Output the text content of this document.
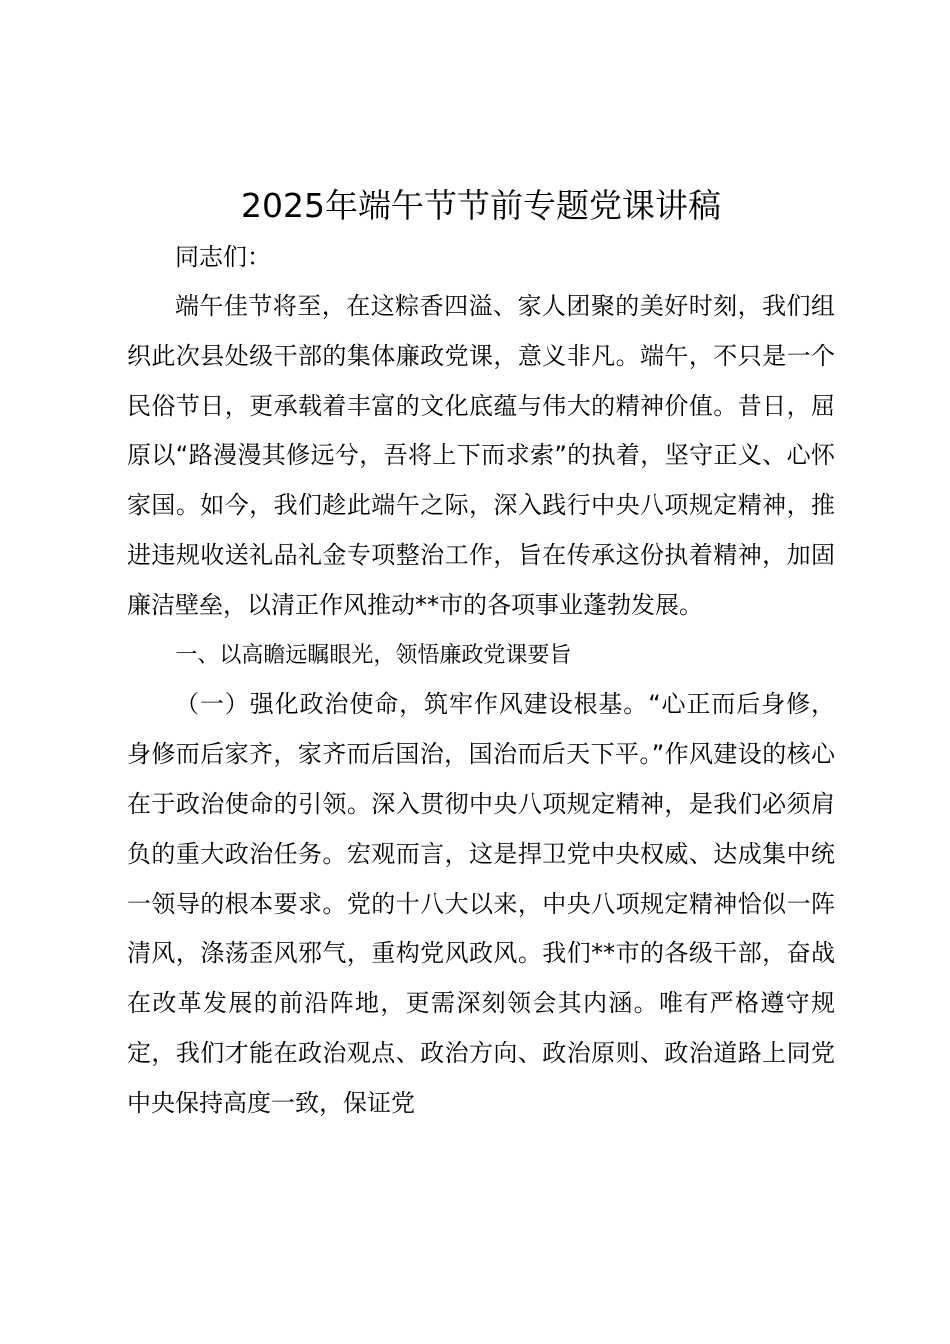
2025年端午节节前专题党课讲稿

同志们：

端午佳节将至，在这粽香四溢、家人团聚的美好时刻，我们组织此次县处级干部的集体廉政党课，意义非凡。端午，不只是一个民俗节日，更承载着丰富的文化底蕴与伟大的精神价值。昔日，屈原以“路漫漫其修远兮，吾将上下而求索”的执着，坚守正义、心怀家国。如今，我们趁此端午之际，深入践行中央八项规定精神，推进违规收送礼品礼金专项整治工作，旨在传承这份执着精神，加固廉洁壁垒，以清正作风推动**市的各项事业蓬勃发展。

一、以高瞻远瞩眼光，领悟廉政党课要旨

（一）强化政治使命，筑牢作风建设根基。“心正而后身修，身修而后家齐，家齐而后国治，国治而后天下平。”作风建设的核心在于政治使命的引领。深入贯彻中央八项规定精神，是我们必须肩负的重大政治任务。宏观而言，这是捍卫党中央权威、达成集中统一领导的根本要求。党的十八大以来，中央八项规定精神恰似一阵清风，涤荡歪风邪气，重构党风政风。我们**市的各级干部，奋战在改革发展的前沿阵地，更需深刻领会其内涵。唯有严格遵守规定，我们才能在政治观点、政治方向、政治原则、政治道路上同党中央保持高度一致，保证党
